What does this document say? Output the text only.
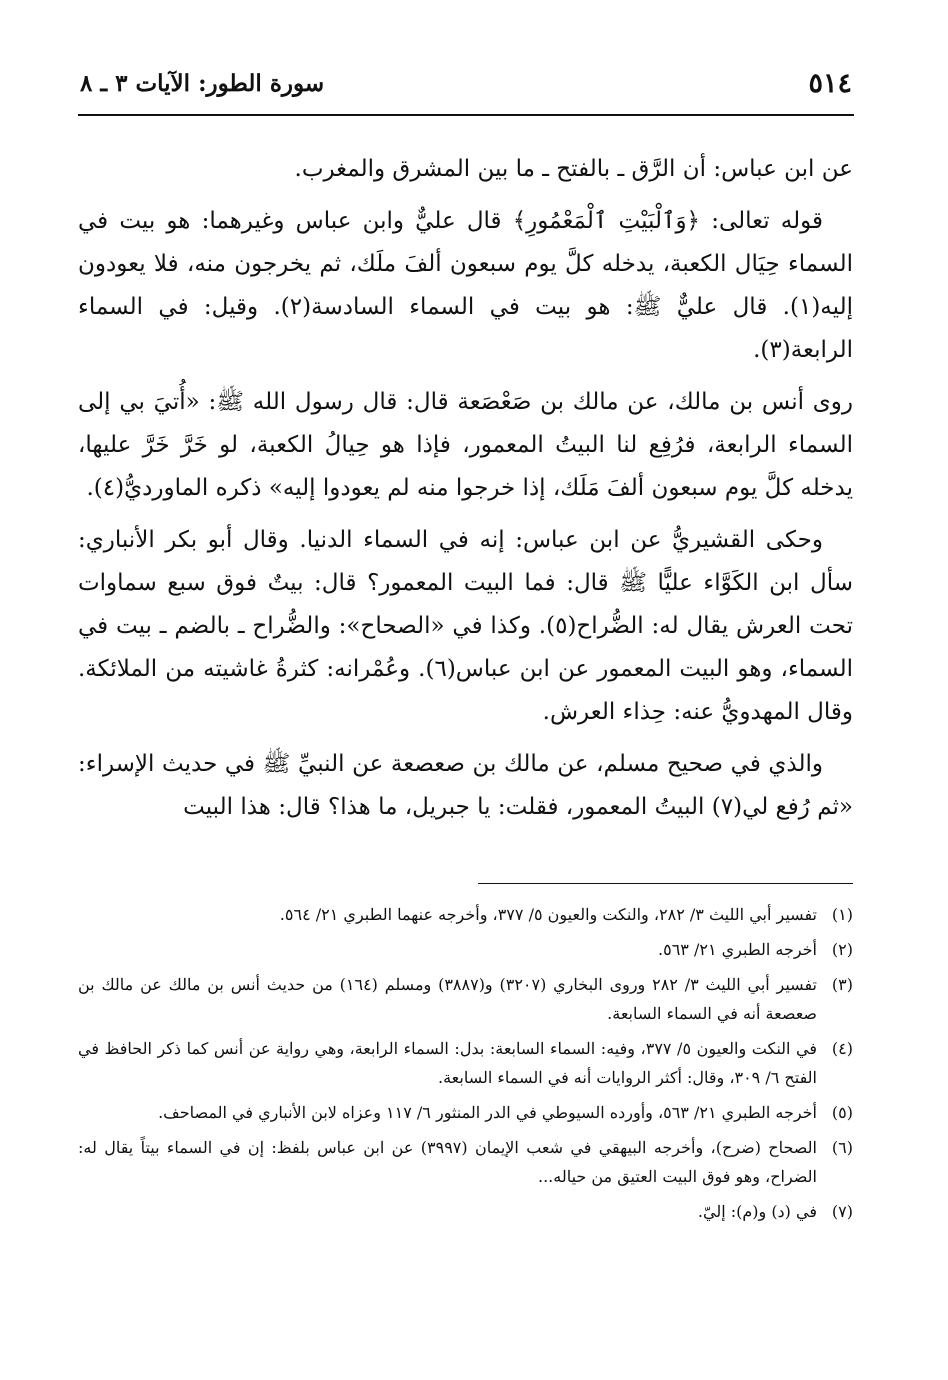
٥١٤
سورة الطور: الآيات ٣ ـ ٨

عن ابن عباس: أن الرَّق ـ بالفتح ـ ما بين المشرق والمغرب.

قوله تعالى: ﴿وَٱلْبَيْتِ ٱلْمَعْمُورِ﴾ قال عليٌّ وابن عباس وغيرهما: هو بيت في السماء حِيَال الكعبة، يدخله كلَّ يوم سبعون ألفَ ملَك، ثم يخرجون منه، فلا يعودون إليه(١). قال عليٌّ ﷺ: هو بيت في السماء السادسة(٢). وقيل: في السماء الرابعة(٣).

روى أنس بن مالك، عن مالك بن صَعْصَعة قال: قال رسول الله ﷺ: «أُتيَ بي إلى السماء الرابعة، فرُفِع لنا البيتُ المعمور، فإذا هو حِيالُ الكعبة، لو خَرَّ خَرَّ عليها، يدخله كلَّ يوم سبعون ألفَ مَلَك، إذا خرجوا منه لم يعودوا إليه» ذكره الماورديُّ(٤).

وحكى القشيريُّ عن ابن عباس: إنه في السماء الدنيا. وقال أبو بكر الأنباري: سأل ابن الكَوَّاء عليًّا ﷺ قال: فما البيت المعمور؟ قال: بيتٌ فوق سبع سماوات تحت العرش يقال له: الضُّراح(٥). وكذا في «الصحاح»: والضُّراح ـ بالضم ـ بيت في السماء، وهو البيت المعمور عن ابن عباس(٦). وعُمْرانه: كثرةُ غاشيته من الملائكة. وقال المهدويُّ عنه: حِذاء العرش.

والذي في صحيح مسلم، عن مالك بن صعصعة عن النبيِّ ﷺ في حديث الإسراء: «ثم رُفع لي(٧) البيتُ المعمور، فقلت: يا جبريل، ما هذا؟ قال: هذا البيت

(١)
تفسير أبي الليث ٣/ ٢٨٢، والنكت والعيون ٥/ ٣٧٧، وأخرجه عنهما الطبري ٢١/ ٥٦٤.
(٢)
أخرجه الطبري ٢١/ ٥٦٣.
(٣)
تفسير أبي الليث ٣/ ٢٨٢ وروى البخاري (٣٢٠٧) و(٣٨٨٧) ومسلم (١٦٤) من حديث أنس بن مالك عن مالك بن صعصعة أنه في السماء السابعة.
(٤)
في النكت والعيون ٥/ ٣٧٧، وفيه: السماء السابعة: بدل: السماء الرابعة، وهي رواية عن أنس كما ذكر الحافظ في الفتح ٦/ ٣٠٩، وقال: أكثر الروايات أنه في السماء السابعة.
(٥)
أخرجه الطبري ٢١/ ٥٦٣، وأورده السيوطي في الدر المنثور ٦/ ١١٧ وعزاه لابن الأنباري في المصاحف.
(٦)
الصحاح (ضرح)، وأخرجه البيهقي في شعب الإيمان (٣٩٩٧) عن ابن عباس بلفظ: إن في السماء بيتاً يقال له: الضراح، وهو فوق البيت العتيق من حياله...
(٧)
في (د) و(م): إليّ.
